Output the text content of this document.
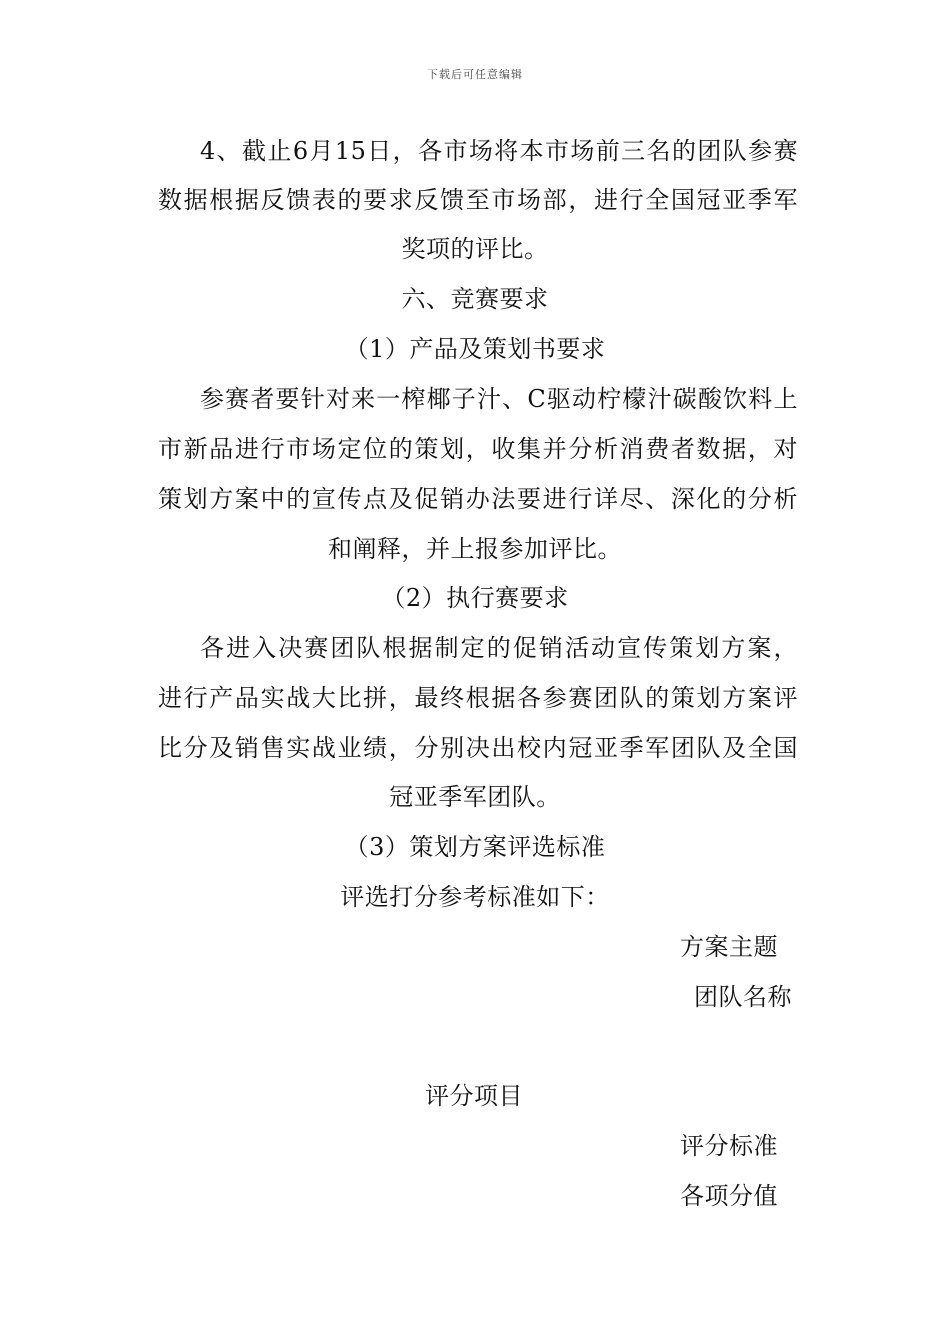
下载后可任意编辑
4、截止6月15日，各市场将本市场前三名的团队参赛
数据根据反馈表的要求反馈至市场部，进行全国冠亚季军
奖项的评比。
六、竞赛要求
（1）产品及策划书要求
参赛者要针对来一榨椰子汁、C驱动柠檬汁碳酸饮料上
市新品进行市场定位的策划，收集并分析消费者数据，对
策划方案中的宣传点及促销办法要进行详尽、深化的分析
和阐释，并上报参加评比。
（2）执行赛要求
各进入决赛团队根据制定的促销活动宣传策划方案，
进行产品实战大比拼，最终根据各参赛团队的策划方案评
比分及销售实战业绩，分别决出校内冠亚季军团队及全国
冠亚季军团队。
（3）策划方案评选标准
评选打分参考标准如下：
方案主题
团队名称
评分项目
评分标准
各项分值
